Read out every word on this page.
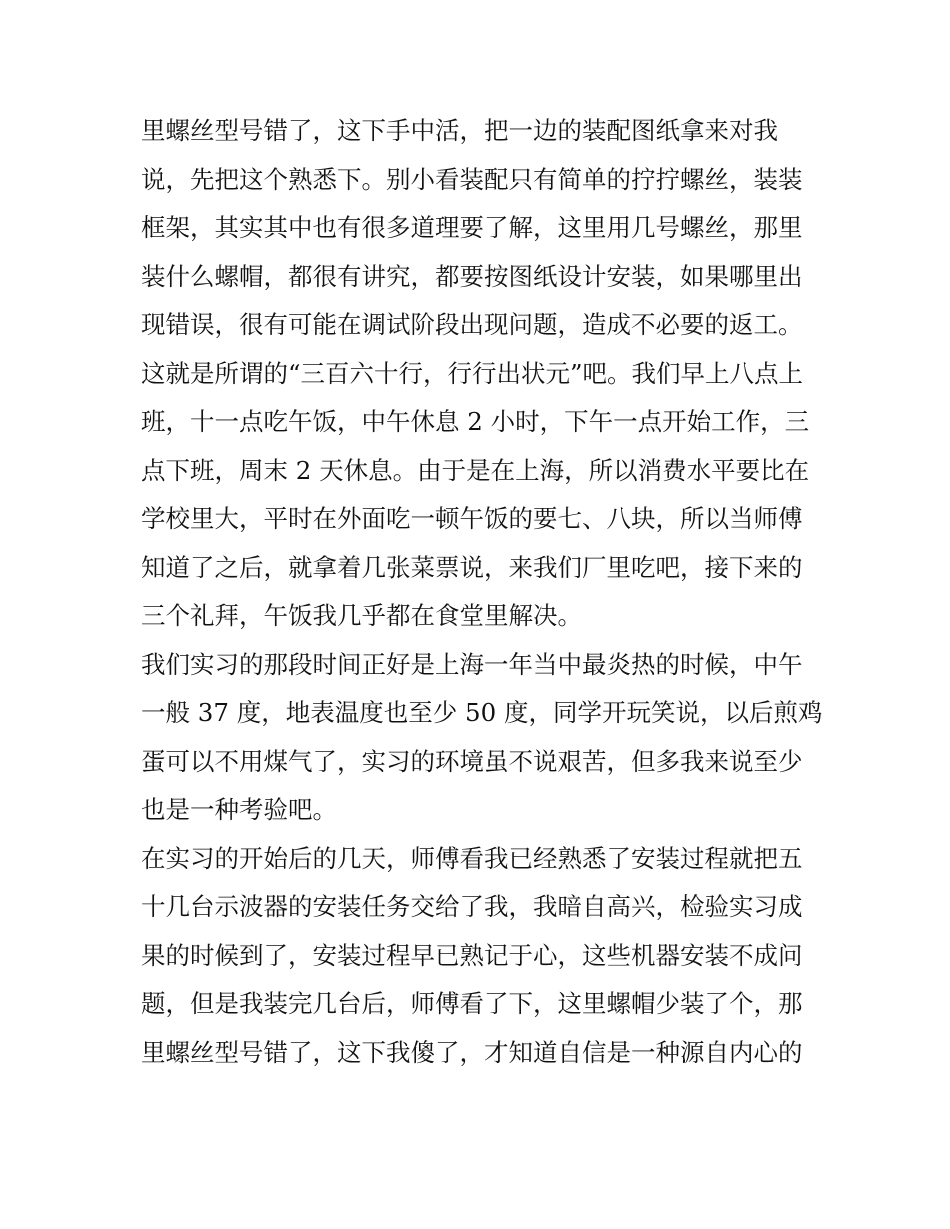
里螺丝型号错了，这下手中活，把一边的装配图纸拿来对我
说，先把这个熟悉下。别小看装配只有简单的拧拧螺丝，装装
框架，其实其中也有很多道理要了解，这里用几号螺丝，那里
装什么螺帽，都很有讲究，都要按图纸设计安装，如果哪里出
现错误，很有可能在调试阶段出现问题，造成不必要的返工。
这就是所谓的“三百六十行，行行出状元”吧。我们早上八点上
班，十一点吃午饭，中午休息 2 小时，下午一点开始工作，三
点下班，周末 2 天休息。由于是在上海，所以消费水平要比在
学校里大，平时在外面吃一顿午饭的要七、八块，所以当师傅
知道了之后，就拿着几张菜票说，来我们厂里吃吧，接下来的
三个礼拜，午饭我几乎都在食堂里解决。
我们实习的那段时间正好是上海一年当中最炎热的时候，中午
一般 37 度，地表温度也至少 50 度，同学开玩笑说，以后煎鸡
蛋可以不用煤气了，实习的环境虽不说艰苦，但多我来说至少
也是一种考验吧。
在实习的开始后的几天，师傅看我已经熟悉了安装过程就把五
十几台示波器的安装任务交给了我，我暗自高兴，检验实习成
果的时候到了，安装过程早已熟记于心，这些机器安装不成问
题，但是我装完几台后，师傅看了下，这里螺帽少装了个，那
里螺丝型号错了，这下我傻了，才知道自信是一种源自内心的
